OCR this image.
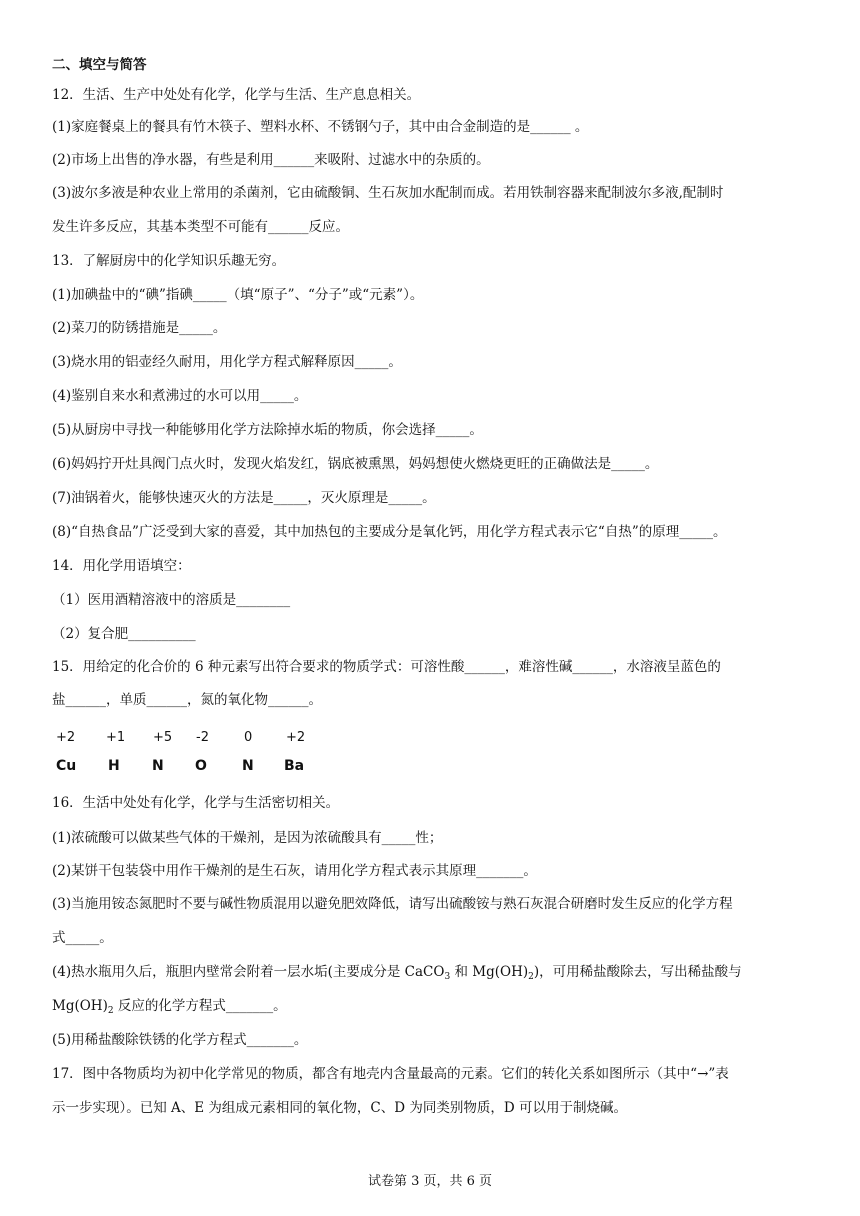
二、填空与简答
12．生活、生产中处处有化学，化学与生活、生产息息相关。
(1)家庭餐桌上的餐具有竹木筷子、塑料水杯、不锈钢勺子，其中由合金制造的是______ 。
(2)市场上出售的净水器，有些是利用______来吸附、过滤水中的杂质的。
(3)波尔多液是种农业上常用的杀菌剂，它由硫酸铜、生石灰加水配制而成。若用铁制容器来配制波尔多液,配制时
发生许多反应，其基本类型不可能有______反应。
13．了解厨房中的化学知识乐趣无穷。
(1)加碘盐中的“碘”指碘_____（填“原子”、“分子”或“元素”）。
(2)菜刀的防锈措施是_____。
(3)烧水用的铝壶经久耐用，用化学方程式解释原因_____。
(4)鉴别自来水和煮沸过的水可以用_____。
(5)从厨房中寻找一种能够用化学方法除掉水垢的物质，你会选择_____。
(6)妈妈拧开灶具阀门点火时，发现火焰发红，锅底被熏黑，妈妈想使火燃烧更旺的正确做法是_____。
(7)油锅着火，能够快速灭火的方法是_____，灭火原理是_____。
(8)“自热食品”广泛受到大家的喜爱，其中加热包的主要成分是氧化钙，用化学方程式表示它“自热”的原理_____。
14．用化学用语填空：
（1）医用酒精溶液中的溶质是________
（2）复合肥__________
15．用给定的化合价的 6 种元素写出符合要求的物质学式：可溶性酸______，难溶性碱______，水溶液呈蓝色的
盐______，单质______，氮的氧化物______。
+2	+1	+5	-2	0	+2
Cu	H	N	O	N	Ba
16．生活中处处有化学，化学与生活密切相关。
(1)浓硫酸可以做某些气体的干燥剂，是因为浓硫酸具有_____性；
(2)某饼干包装袋中用作干燥剂的是生石灰，请用化学方程式表示其原理_______。
(3)当施用铵态氮肥时不要与碱性物质混用以避免肥效降低，请写出硫酸铵与熟石灰混合研磨时发生反应的化学方程
式_____。
(4)热水瓶用久后，瓶胆内壁常会附着一层水垢(主要成分是 CaCO$_3$ 和 $Mg(OH)_2$)，可用稀盐酸除去，写出稀盐酸与
$Mg(OH)_2$ 反应的化学方程式_______。
(5)用稀盐酸除铁锈的化学方程式_______。
17．图中各物质均为初中化学常见的物质，都含有地壳内含量最高的元素。它们的转化关系如图所示（其中“→”表
示一步实现）。已知 A、E 为组成元素相同的氧化物，C、D 为同类别物质，D 可以用于制烧碱。
试卷第 3 页，共 6 页
